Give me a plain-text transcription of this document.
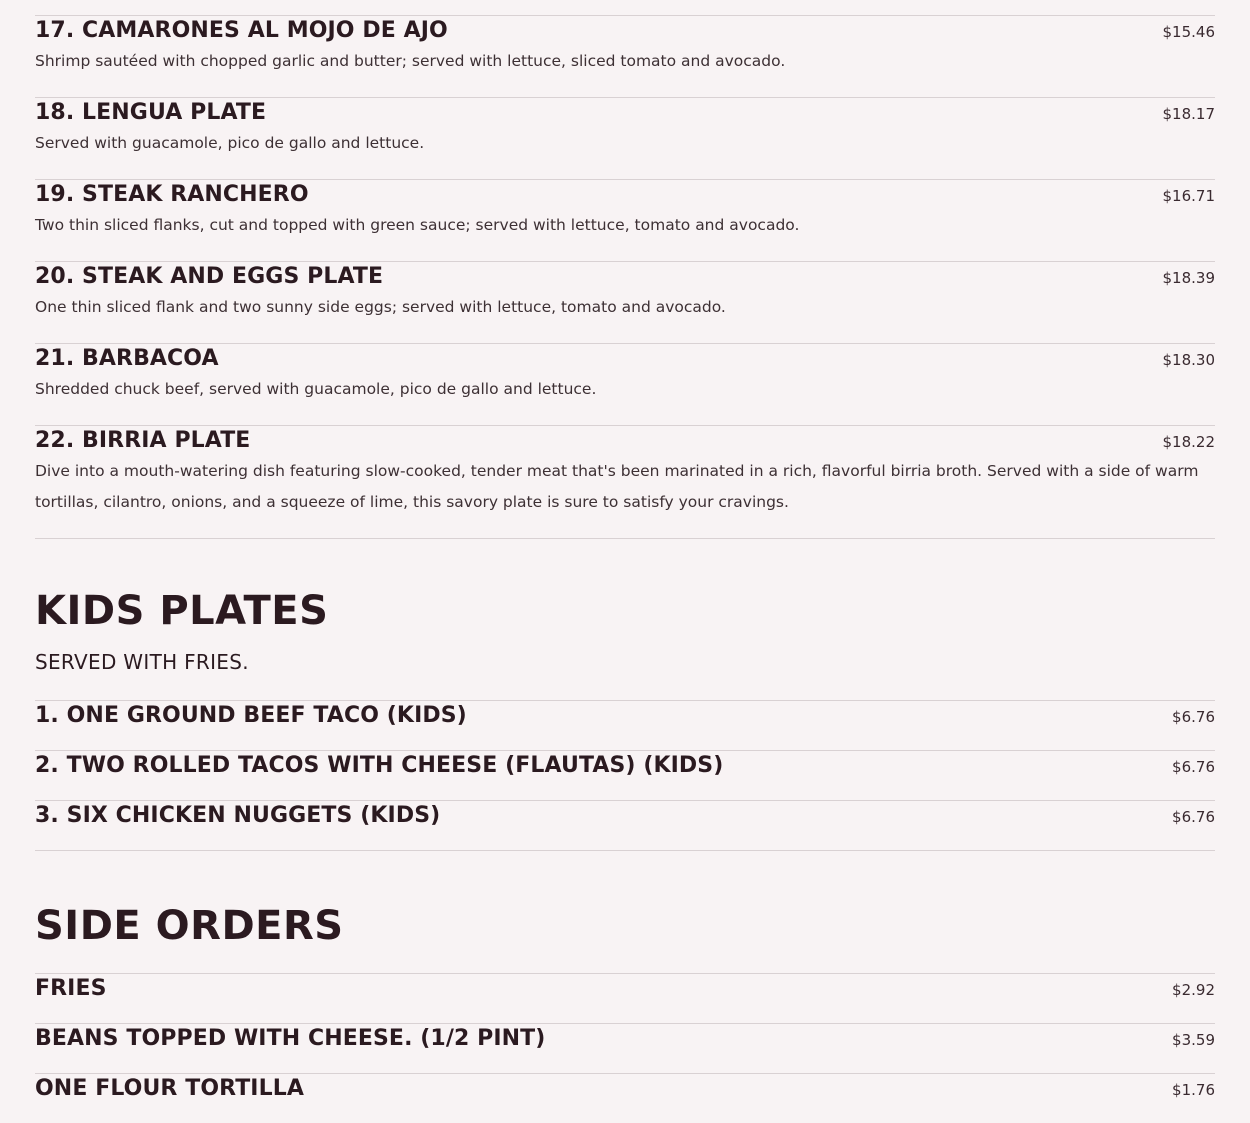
17. CAMARONES AL MOJO DE AJO	$15.46
Shrimp sautéed with chopped garlic and butter; served with lettuce, sliced tomato and avocado.
18. LENGUA PLATE	$18.17
Served with guacamole, pico de gallo and lettuce.
19. STEAK RANCHERO	$16.71
Two thin sliced flanks, cut and topped with green sauce; served with lettuce, tomato and avocado.
20. STEAK AND EGGS PLATE	$18.39
One thin sliced flank and two sunny side eggs; served with lettuce, tomato and avocado.
21. BARBACOA	$18.30
Shredded chuck beef, served with guacamole, pico de gallo and lettuce.
22. BIRRIA PLATE	$18.22
Dive into a mouth-watering dish featuring slow-cooked, tender meat that's been marinated in a rich, flavorful birria broth. Served with a side of warm tortillas, cilantro, onions, and a squeeze of lime, this savory plate is sure to satisfy your cravings.
KIDS PLATES
SERVED WITH FRIES.
1. ONE GROUND BEEF TACO (KIDS)	$6.76
2. TWO ROLLED TACOS WITH CHEESE (FLAUTAS) (KIDS)	$6.76
3. SIX CHICKEN NUGGETS (KIDS)	$6.76
SIDE ORDERS
FRIES	$2.92
BEANS TOPPED WITH CHEESE. (1/2 PINT)	$3.59
ONE FLOUR TORTILLA	$1.76
